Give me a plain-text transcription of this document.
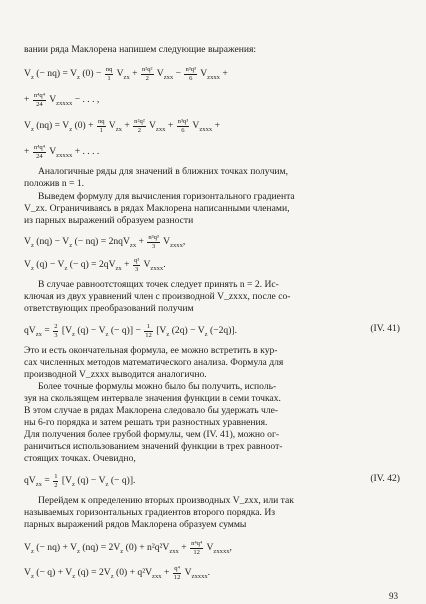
вании ряда Маклорена напишем следующие выражения:
$V_z$ (− $nq) = V_z$ $(0) - \frac{nq}{1} V_{zx} + \frac{\text{n²q²}}{2} V_{zxx} - \frac{\text{n³q³}}{6} V_{zxxx}$ +
+ $\frac{\text{n⁴q⁴}}{24} V_{zxxxx}$ − . . . ,
$V_z$ $(nq) = V_z$ $(0) + \frac{nq}{1} V_{zx} + \frac{\text{n²q²}}{2} V_{zxx} + \frac{\text{n³q³}}{6} V_{zxxx}$ +
+ $\frac{\text{n⁴q⁴}}{24} V_{zxxxx}$ + . . . .
Аналогичные ряды для значений в ближних точках получим,
положив n = 1.
Выведем формулу для вычисления горизонтального градиента
V_zx. Ограничиваясь в рядах Маклорена написанными членами,
из парных выражений образуем разности
$V_z$ $(nq) - V_z$ (− $nq) = 2nqV_{zx} + \frac{\text{n³q³}}{3} V_{zxxx}$,
$V_z$ $(q) - V_z$ (− $q) = 2qV_{zx} + \frac{\text{q³}}{3} V_{zxxx}$.
В случае равноотстоящих точек следует принять n = 2. Ис-
ключая из двух уравнений член с производной V_zxxx, после со-
ответствующих преобразований получим
$qV_{zx} = \frac{2}{3} [V_z$ $(q) - V_z$ (− $q)] - \frac{1}{12} [V_z$ $(2q) - V_z$ (−2q)].	(IV. 41)
Это и есть окончательная формула, ее можно встретить в кур-
сах численных методов математического анализа. Формула для
производной V_zxxx выводится аналогично.
Более точные формулы можно было бы получить, исполь-
зуя на скользящем интервале значения функции в семи точках.
В этом случае в рядах Маклорена следовало бы удержать чле-
ны 6-го порядка и затем решать три разностных уравнения.
Для получения более грубой формулы, чем (IV. 41), можно ог-
раничиться использованием значений функции в трех равноот-
стоящих точках. Очевидно,
$qV_{zx} = \frac{1}{2} [V_z$ $(q) - V_z$ (− q)].	(IV. 42)
Перейдем к определению вторых производных V_zxx, или так
называемых горизонтальных градиентов второго порядка. Из
парных выражений рядов Маклорена образуем суммы
$V_z$ (− $nq) + V_z$ $(nq) = 2V_z$ $(0) + n^2q^2V_{zxx} + \frac{\text{n⁴q⁴}}{12} V_{zxxxx}$,
$V_z$ (− $q) + V_z$ $(q) = 2V_z$ $(0) + q^2V_{zxx} + \frac{\text{q⁴}}{12} V_{zxxxx}$.
93
